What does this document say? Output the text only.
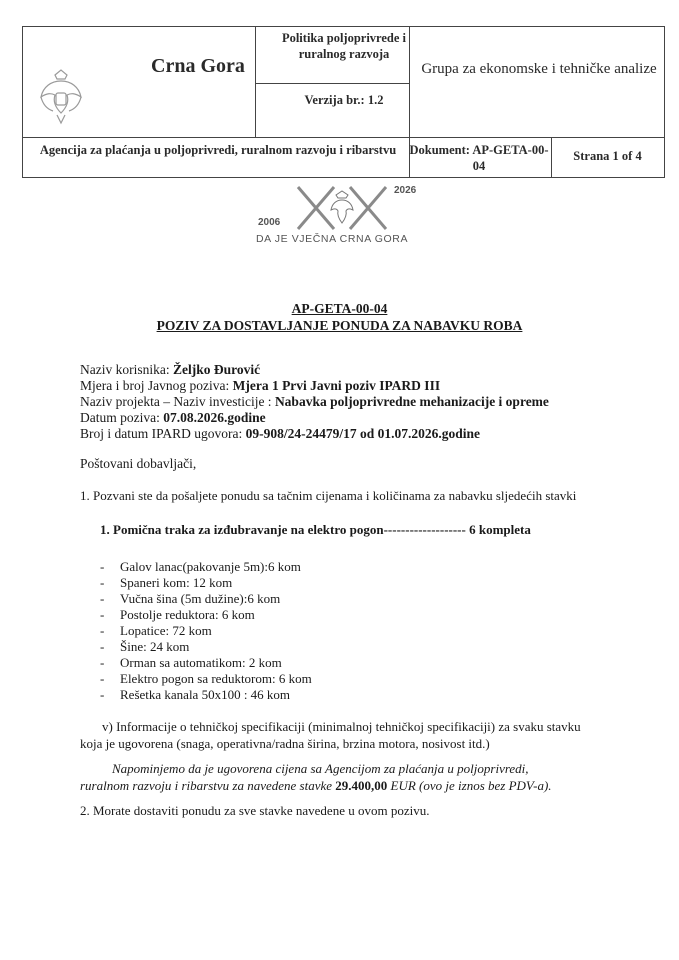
Crna Gora
Politika poljoprivrede i ruralnog razvoja
Verzija br.: 1.2
Grupa za ekonomske i tehničke analize
Agencija za plaćanja u poljoprivredi, ruralnom razvoju i ribarstvu	Dokument: AP-GETA-00-04
Strana 1 of 4
2006
2026
DA JE VJEČNA CRNA GORA
AP-GETA-00-04
POZIV ZA DOSTAVLJANJE PONUDA ZA NABAVKU ROBA
Naziv korisnika: Željko Đurović
Mjera i broj Javnog poziva: Mjera 1 Prvi Javni poziv IPARD III
Naziv projekta – Naziv investicije : Nabavka poljoprivredne mehanizacije i opreme
Datum poziva: 07.08.2026.godine
Broj i datum IPARD ugovora: 09-908/24-24479/17 od 01.07.2026.godine
Poštovani dobavljači,
1. Pozvani ste da pošaljete ponudu sa tačnim cijenama i količinama za nabavku sljedećih stavki
1. Pomična traka za izđubravanje na elektro pogon------------------- 6 kompleta
- Galov lanac(pakovanje 5m):6 kom
- Spaneri kom: 12 kom
- Vučna šina (5m dužine):6 kom
- Postolje reduktora: 6 kom
- Lopatice: 72 kom
- Šine: 24 kom
- Orman sa automatikom: 2 kom
- Elektro pogon sa reduktorom: 6 kom
- Rešetka kanala 50x100 : 46 kom
v) Informacije o tehničkoj specifikaciji (minimalnoj tehničkoj specifikaciji) za svaku stavku
koja je ugovorena (snaga, operativna/radna širina, brzina motora, nosivost itd.)
Napominjemo da je ugovorena cijena sa Agencijom za plaćanja u poljoprivredi,
ruralnom razvoju i ribarstvu za navedene stavke 29.400,00 EUR (ovo je iznos bez PDV-a).
2. Morate dostaviti ponudu za sve stavke navedene u ovom pozivu.
